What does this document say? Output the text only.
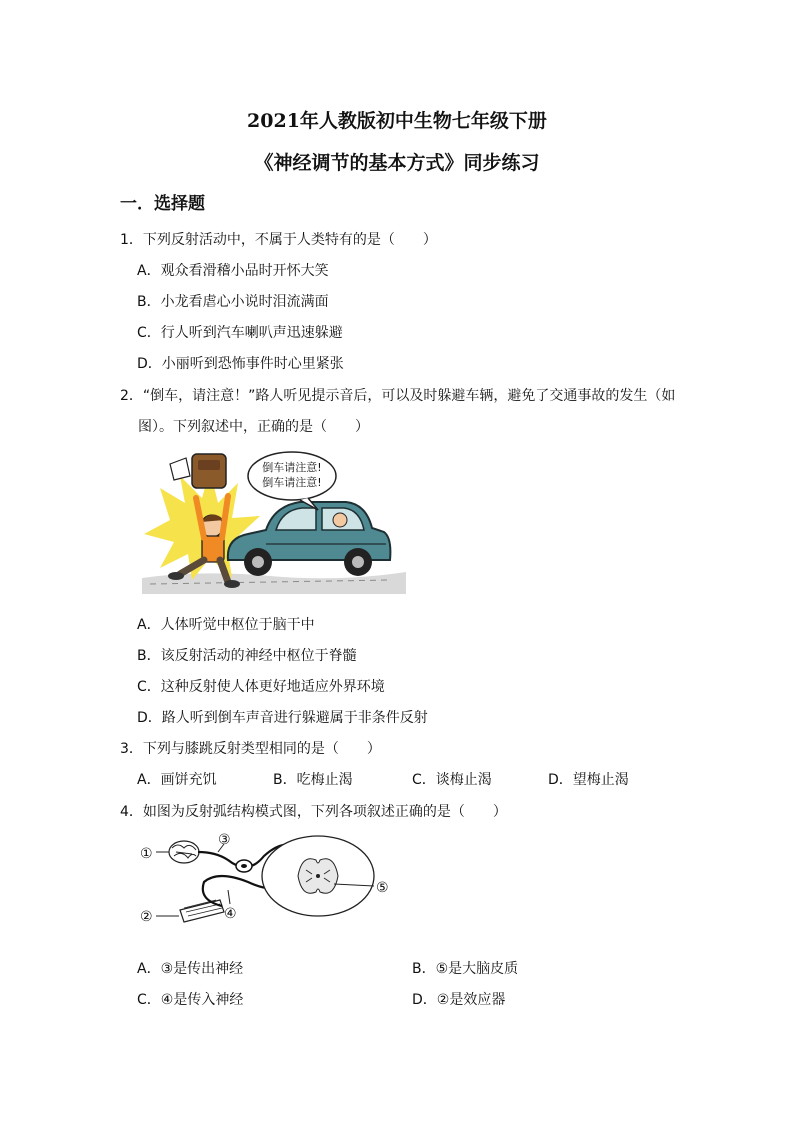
2021年人教版初中生物七年级下册
《神经调节的基本方式》同步练习
一．选择题
1．下列反射活动中，不属于人类特有的是（　　）
A．观众看滑稽小品时开怀大笑
B．小龙看虐心小说时泪流满面
C．行人听到汽车喇叭声迅速躲避
D．小丽听到恐怖事件时心里紧张
2．“倒车，请注意！”路人听见提示音后，可以及时躲避车辆，避免了交通事故的发生（如
图）。下列叙述中，正确的是（　　）
倒车请注意!
倒车请注意!
A．人体听觉中枢位于脑干中
B．该反射活动的神经中枢位于脊髓
C．这种反射使人体更好地适应外界环境
D．路人听到倒车声音进行躲避属于非条件反射
3．下列与膝跳反射类型相同的是（　　）
A．画饼充饥	B．吃梅止渴	C．谈梅止渴	D．望梅止渴
4．如图为反射弧结构模式图，下列各项叙述正确的是（　　）
①
②
③
④
⑤
A．③是传出神经	B．⑤是大脑皮质
C．④是传入神经	D．②是效应器
